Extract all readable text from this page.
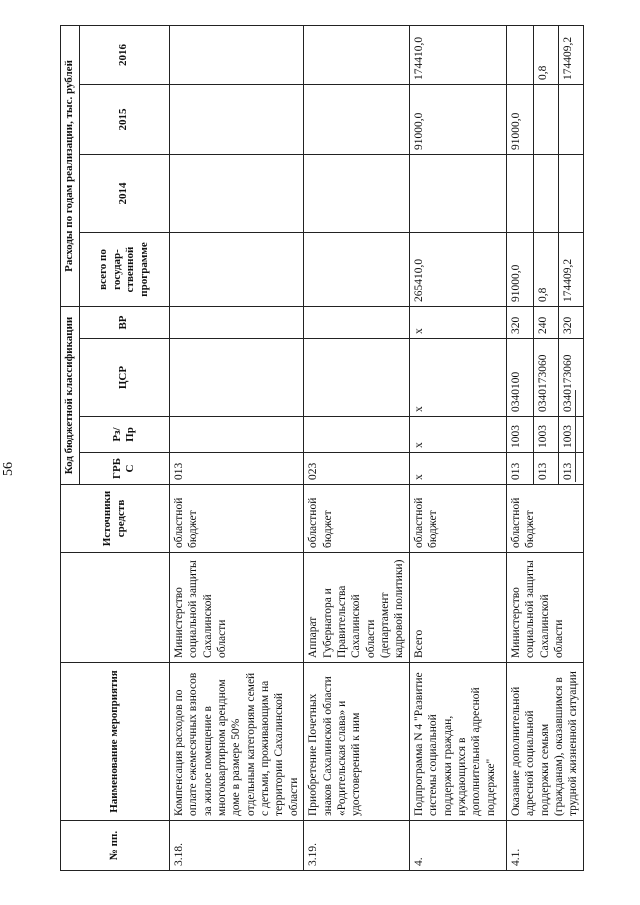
56
№ пп.	Наименование мероприятия		Источники средств	Код бюджетной классификации				Расходы по годам реализации, тыс. рублей			
				ГРБ С	Рз/ Пр	ЦСР	ВР	всего по государ- ственной программе	2014	2015	2016
3.18.	Компенсация расходов по оплате ежемесячных взносов за жилое помещение в многоквартирном арендном доме в размере 50% отдельным категориям семей с детьми, проживающим на территории Сахалинской области	Министерство социальной защиты Сахалинской области	областной бюджет	013							
3.19.	Приобретение Почетных знаков Сахалинской области «Родительская слава» и удостоверений к ним	Аппарат Губернатора и Правительства Сахалинской области (департамент кадровой политики)	областной бюджет	023							
4.	Подпрограмма N 4 "Развитие системы социальной поддержки граждан, нуждающихся в дополнительной адресной поддержке"	Всего	областной бюджет	x	x	x	x	265410,0		91000,0	174410,0
4.1.	Оказание дополнительной адресной социальной поддержки семьям (гражданам), оказавшимся в трудной жизненной ситуации	Министерство социальной защиты Сахалинской области	областной бюджет	013	1003	0340100	320	91000,0		91000,0	
				013	1003	0340173060	240	0,8			0,8
				013	1003	0340173060	320	174409,2			174409,2
